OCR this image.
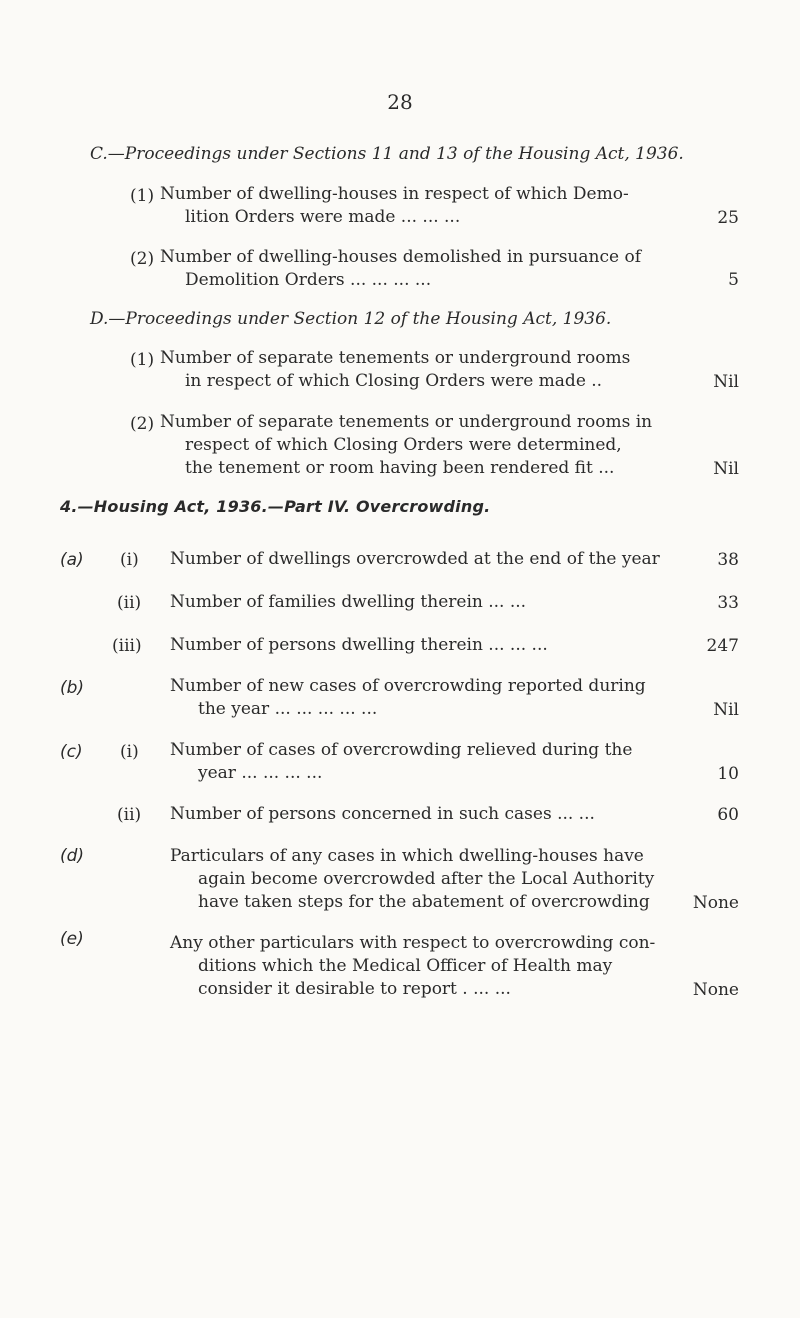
28
C.—Proceedings under Sections 11 and 13 of the Housing Act, 1936.
(1) Number of dwelling-houses in respect of which Demo-
lition Orders were made ... ... ...	25
(2) Number of dwelling-houses demolished in pursuance of
Demolition Orders ... ... ... ...	5
D.—Proceedings under Section 12 of the Housing Act, 1936.
(1) Number of separate tenements or underground rooms
in respect of which Closing Orders were made ..	Nil
(2) Number of separate tenements or underground rooms in
respect of which Closing Orders were determined,
the tenement or room having been rendered fit ...	Nil
4.—Housing Act, 1936.—Part IV. Overcrowding.
(a) (i) Number of dwellings overcrowded at the end of the year	38
(ii) Number of families dwelling therein ... ...	33
(iii) Number of persons dwelling therein ... ... ...	247
(b)	Number of new cases of overcrowding reported during
the year ... ... ... ... ...	Nil
(c) (i) Number of cases of overcrowding relieved during the
year ... ... ... ...	10
(ii) Number of persons concerned in such cases ... ...	60
(d)	Particulars of any cases in which dwelling-houses have
again become overcrowded after the Local Authority
have taken steps for the abatement of overcrowding	None
(e)	Any other particulars with respect to overcrowding con-
ditions which the Medical Officer of Health may
consider it desirable to report . ... ...	None
